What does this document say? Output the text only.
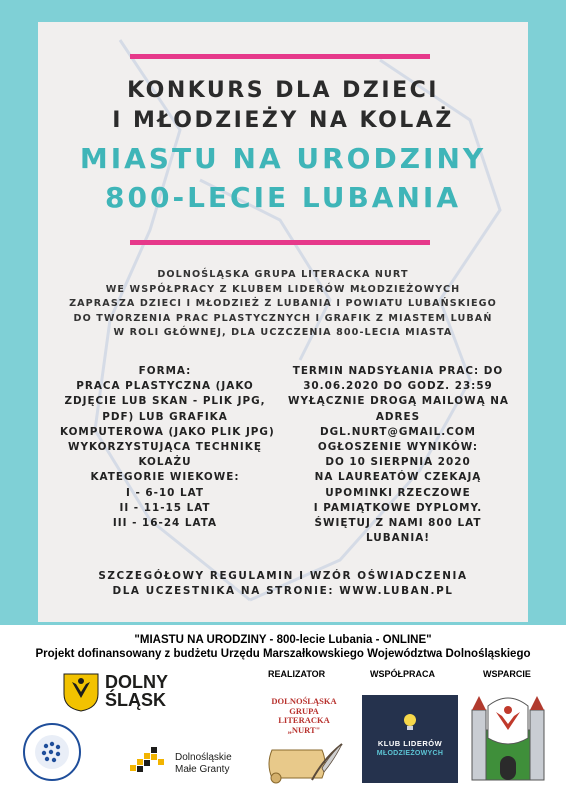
KONKURS DLA DZIECI
I MŁODZIEŻY NA KOLAŻ
MIASTU NA URODZINY
800-LECIE LUBANIA
DOLNOŚLĄSKA GRUPA LITERACKA NURT
WE WSPÓŁPRACY Z KLUBEM LIDERÓW MŁODZIEŻOWYCH
ZAPRASZA DZIECI I MŁODZIEŻ Z LUBANIA I POWIATU LUBAŃSKIEGO
DO TWORZENIA PRAC PLASTYCZNYCH I GRAFIK Z MIASTEM LUBAŃ
W ROLI GŁÓWNEJ, DLA UCZCZENIA 800-LECIA MIASTA
FORMA:
PRACA PLASTYCZNA (JAKO
ZDJĘCIE LUB SKAN - PLIK JPG,
PDF) LUB GRAFIKA
KOMPUTEROWA (JAKO PLIK JPG)
WYKORZYSTUJĄCA TECHNIKĘ
KOLAŻU
KATEGORIE WIEKOWE:
I - 6-10 LAT
II - 11-15 LAT
III - 16-24 LATA
TERMIN NADSYŁANIA PRAC: DO
30.06.2020 DO GODZ. 23:59
WYŁĄCZNIE DROGĄ MAILOWĄ NA
ADRES
DGL.NURT@GMAIL.COM
OGŁOSZENIE WYNIKÓW:
DO 10 SIERPNIA 2020
NA LAUREATÓW CZEKAJĄ
UPOMINKI RZECZOWE
I PAMIĄTKOWE DYPLOMY.
ŚWIĘTUJ Z NAMI 800 LAT
LUBANIA!
SZCZEGÓŁOWY REGULAMIN I WZÓR OŚWIADCZENIA
DLA UCZESTNIKA NA STRONIE: WWW.LUBAN.PL
"MIASTU NA URODZINY - 800-lecie Lubania - ONLINE"
Projekt dofinansowany z budżetu Urzędu Marszałkowskiego Województwa Dolnośląskiego
REALIZATOR	WSPÓŁPRACA	WSPARCIE
DOLNY
ŚLĄSK
Dolnośląskie
Małe Granty
DOLNOŚLĄSKA
GRUPA
LITERACKA
„NURT"
KLUB LIDERÓW
MŁODZIEŻOWYCH
